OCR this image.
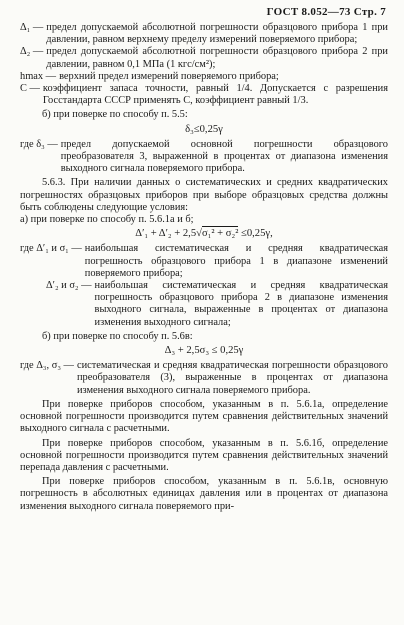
ГОСТ 8.052—73 Стр. 7
Δ₁ — предел допускаемой абсолютной погрешности образцового прибора 1 при давлении, равном верхнему пределу измерений поверяемого прибора;
Δ₂ — предел допускаемой абсолютной погрешности образцового прибора 2 при давлении, равном 0,1 МПа (1 кгс/см²);
hmax — верхний предел измерений поверяемого прибора;
C — коэффициент запаса точности, равный 1/4. Допускается с разрешения Госстандарта СССР применять C, коэффициент равный 1/3.

б) при поверке по способу п. 5.5:

δ₃≤0,25γ
где δ₃ — предел допускаемой основной погрешности образцового преобразователя 3, выраженной в процентах от диапазона изменения выходного сигнала поверяемого прибора.

5.6.3. При наличии данных о систематических и средних квадратических погрешностях образцовых приборов при выборе образцовых средства должны быть соблюдены следующие условия:

а) при поверке по способу п. 5.6.1а и б;

Δ′₁ + Δ′₂ + 2,5√σ₁² + σ₂² ≤0,25γ,
где Δ′₁ и σ₁ — наибольшая систематическая и средняя квадратическая погрешность образцового прибора 1 в диапазоне изменений поверяемого прибора;
Δ′₂ и σ₂ — наибольшая систематическая и средняя квадратическая погрешность образцового прибора 2 в диапазоне изменения выходного сигнала, выраженные в процентах от диапазона изменения выходного сигнала;

б) при поверке по способу п. 5.6в:

Δ₃ + 2,5σ₃ ≤ 0,25γ
где Δ₃, σ₃ — систематическая и средняя квадратическая погрешности образцового преобразователя (3), выраженные в процентах от диапазона изменения выходного сигнала поверяемого прибора.

При поверке приборов способом, указанным в п. 5.6.1а, определение основной погрешности производится путем сравнения действительных значений выходного сигнала с расчетными.

При поверке приборов способом, указанным в п. 5.6.1б, определение основной погрешности производится путем сравнения действительных значений перепада давления с расчетными.

При поверке приборов способом, указанным в п. 5.6.1в, основную погрешность в абсолютных единицах давления или в процентах от диапазона изменения выходного сигнала поверяемого при-
